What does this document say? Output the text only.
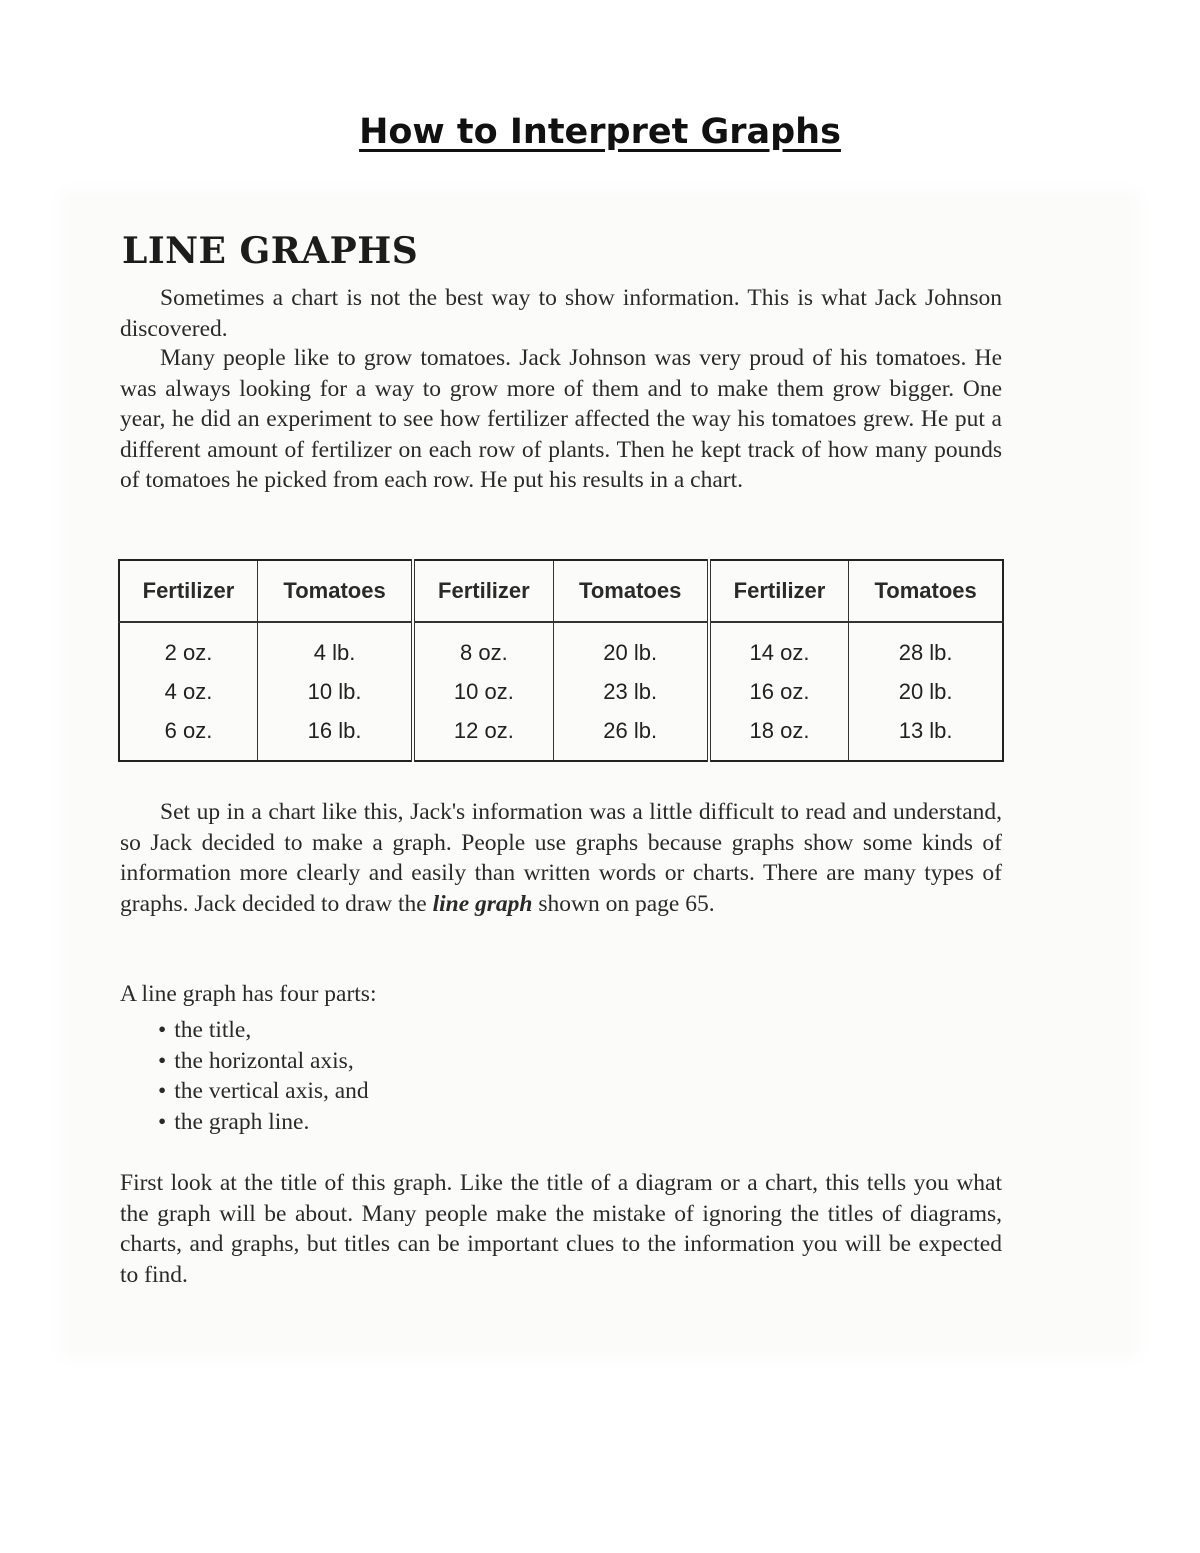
How to Interpret Graphs
LINE GRAPHS

Sometimes a chart is not the best way to show information. This is what Jack Johnson discovered.

Many people like to grow tomatoes. Jack Johnson was very proud of his tomatoes. He was always looking for a way to grow more of them and to make them grow bigger. One year, he did an experiment to see how fertilizer affected the way his tomatoes grew. He put a different amount of fertilizer on each row of plants. Then he kept track of how many pounds of tomatoes he picked from each row. He put his results in a chart.

Fertilizer	Tomatoes	Fertilizer	Tomatoes	Fertilizer	Tomatoes
2 oz.	4 lb.	8 oz.	20 lb.	14 oz.	28 lb.
4 oz.	10 lb.	10 oz.	23 lb.	16 oz.	20 lb.
6 oz.	16 lb.	12 oz.	26 lb.	18 oz.	13 lb.

Set up in a chart like this, Jack's information was a little difficult to read and understand, so Jack decided to make a graph. People use graphs because graphs show some kinds of information more clearly and easily than written words or charts. There are many types of graphs. Jack decided to draw the line graph shown on page 65.

A line graph has four parts:

• the title,
• the horizontal axis,
• the vertical axis, and
• the graph line.

First look at the title of this graph. Like the title of a diagram or a chart, this tells you what the graph will be about. Many people make the mistake of ignoring the titles of diagrams, charts, and graphs, but titles can be important clues to the information you will be expected to find.
